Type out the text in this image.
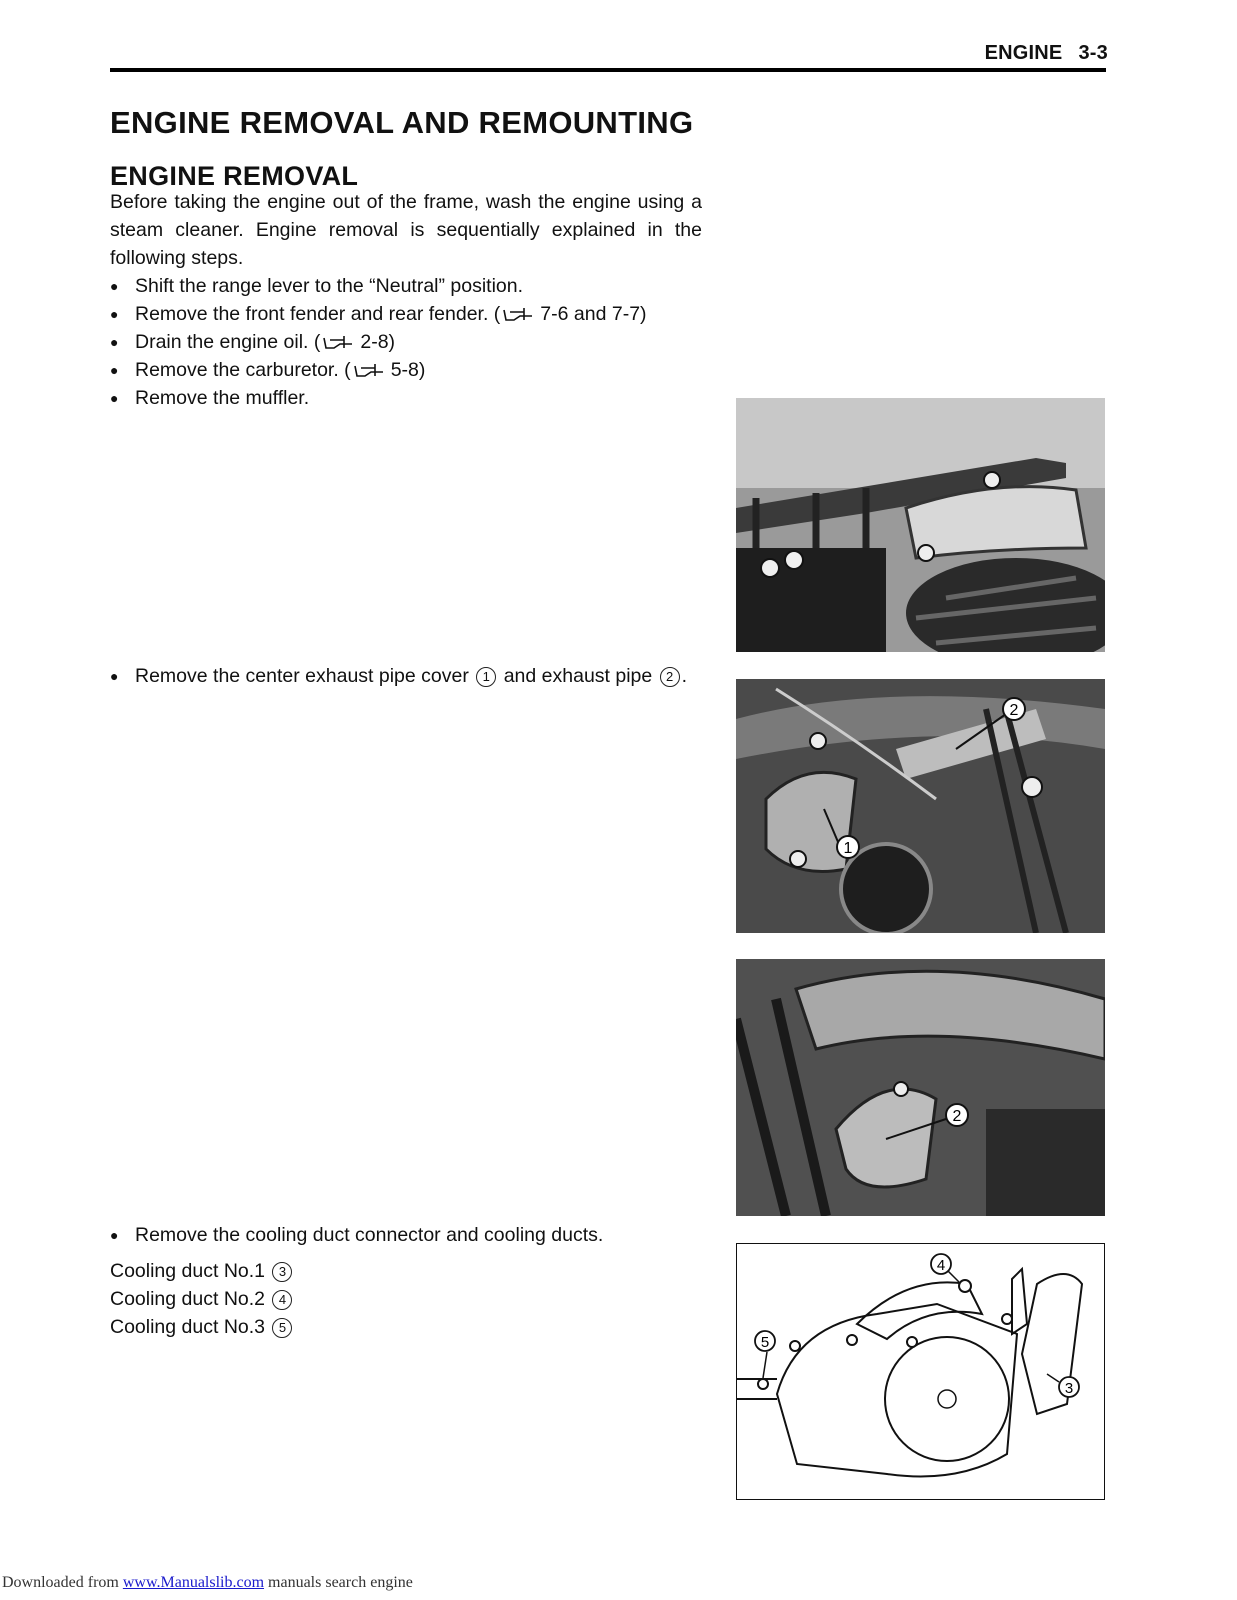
ENGINE 3-3
ENGINE REMOVAL AND REMOUNTING
ENGINE REMOVAL

Before taking the engine out of the frame, wash the engine using a steam cleaner. Engine removal is sequentially explained in the following steps.

● Shift the range lever to the “Neutral” position.
● Remove the front fender and rear fender. ( 7-6 and 7-7)
● Drain the engine oil. ( 2-8)
● Remove the carburetor. ( 5-8)
● Remove the muffler.
● Remove the center exhaust pipe cover 1 and exhaust pipe 2 .
● Remove the cooling duct connector and cooling ducts.

Cooling duct No.1 3

Cooling duct No.2 4

Cooling duct No.3 5

1
2
2
4
5
3
Downloaded from www.Manualslib.com manuals search engine
